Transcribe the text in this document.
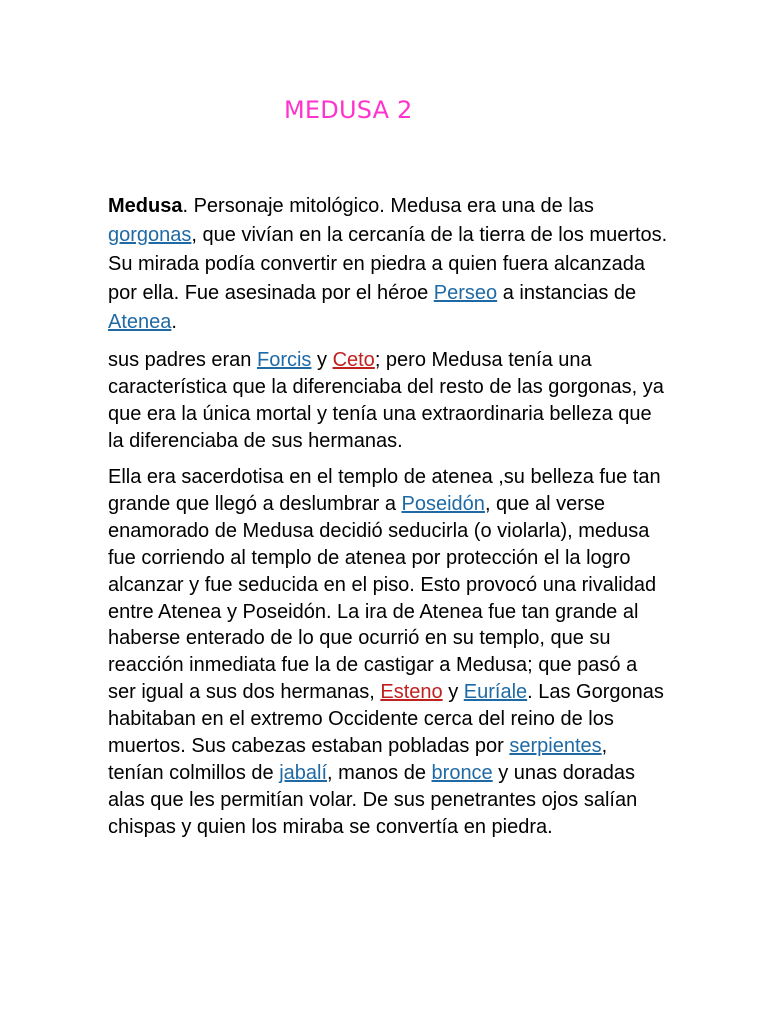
MEDUSA 2

Medusa. Personaje mitológico. Medusa era una de las gorgonas, que vivían en la cercanía de la tierra de los muertos. Su mirada podía convertir en piedra a quien fuera alcanzada por ella. Fue asesinada por el héroe Perseo a instancias de Atenea.

sus padres eran Forcis y Ceto; pero Medusa tenía una característica que la diferenciaba del resto de las gorgonas, ya que era la única mortal y tenía una extraordinaria belleza que la diferenciaba de sus hermanas.

Ella era sacerdotisa en el templo de atenea ,su belleza fue tan grande que llegó a deslumbrar a Poseidón, que al verse enamorado de Medusa decidió seducirla (o violarla), medusa fue corriendo al templo de atenea por protección el la logro alcanzar y fue seducida en el piso. Esto provocó una rivalidad entre Atenea y Poseidón. La ira de Atenea fue tan grande al haberse enterado de lo que ocurrió en su templo, que su reacción inmediata fue la de castigar a Medusa; que pasó a ser igual a sus dos hermanas, Esteno y Euríale. Las Gorgonas habitaban en el extremo Occidente cerca del reino de los muertos. Sus cabezas estaban pobladas por serpientes, tenían colmillos de jabalí, manos de bronce y unas doradas alas que les permitían volar. De sus penetrantes ojos salían chispas y quien los miraba se convertía en piedra.
